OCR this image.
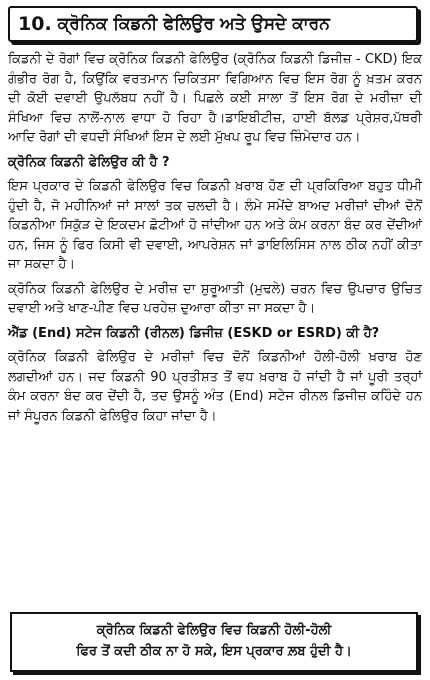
10. ਕ੍ਰੋਨਿਕ ਕਿਡਨੀ ਫੇਲਿਉਰ ਅਤੇ ਉਸਦੇ ਕਾਰਨ

ਕਿਡਨੀ ਦੇ ਰੋਗਾਂ ਵਿਚ ਕ੍ਰੋਨਿਕ ਕਿਡਨੀ ਫੇਲਿਉਰ (ਕ੍ਰੋਨਿਕ ਕਿਡਨੀ ਡਿਜੀਜ਼ - CKD) ਇਕ ਗੰਭੀਰ ਰੋਗ ਹੈ, ਕਿਉਂਕਿ ਵਰਤਮਾਨ ਚਿਕਿਤਸਾ ਵਿਗਿਆਨ ਵਿਚ ਇਸ ਰੋਗ ਨੂੰ ਖ਼ਤਮ ਕਰਨ ਦੀ ਕੋਈ ਦਵਾਈ ਉਪਲੱਬਧ ਨਹੀਂ ਹੈ। ਪਿਛਲੇ ਕਈ ਸਾਲਾ ਤੋਂ ਇਸ ਰੋਗ ਦੇ ਮਰੀਜ਼ਾ ਦੀ ਸੰਖਿਆ ਵਿਚ ਨਾਲੋਂ-ਨਾਲ ਵਾਧਾ ਹੋ ਰਿਹਾ ਹੈ।ਡਾਇਬੀਟੀਜ਼, ਹਾਈ ਬੱਲਡ ਪ੍ਰੇਸ਼ਰ,ਪੱਥਰੀ ਆਦਿ ਰੋਗਾਂ ਦੀ ਵਧਦੀ ਸੰਖਿਆਂ ਇਸ ਦੇ ਲਈ ਮੁੱਖਪ ਰੂਪ ਵਿਚ ਜ਼ਿੰਮੇਦਾਰ ਹਨ।

ਕ੍ਰੋਨਿਕ ਕਿਡਨੀ ਫੇਲਿਉਰ ਕੀ ਹੈ ?

ਇਸ ਪ੍ਰਕਾਰ ਦੇ ਕਿਡਨੀ ਫੇਲਿਉਰ ਵਿਚ ਕਿਡਨੀ ਖ਼ਰਾਬ ਹੋਣ ਦੀ ਪ੍ਰਕਿਰਿਆ ਬਹੁਤ ਧੀਮੀ ਹੁੰਦੀ ਹੈ, ਜੋ ਮਹੀਨਿਆਂ ਜਾਂ ਸਾਲਾਂ ਤਕ ਚਲਦੀ ਹੈ। ਲੰਮੇ ਸਮੇਂਦੇ ਬਾਅਦ ਮਰੀਜ਼ਾਂ ਦੀਆਂ ਦੋਨੋਂ ਕਿਡਨੀਆ ਸਿਕੁੱੜ ਦੇ ਇਕਦਮ ਛੋਟੀਆਂ ਹੋ ਜਾਂਦੀਆ ਹਨ ਅਤੇ ਕੰਮ ਕਰਨਾ ਬੰਦ ਕਰ ਦੇਂਦੀਆਂ ਹਨ, ਜਿਸ ਨੂੰ ਫਿਰ ਕਿਸੀ ਵੀ ਦਵਾਈ, ਆਪਰੇਸ਼ਨ ਜਾਂ ਡਾਇਲਿਸਿਸ ਨਾਲ ਠੀਕ ਨਹੀਂ ਕੀਤਾ ਜਾ ਸਕਦਾ ਹੈ।

ਕ੍ਰੋਨਿਕ ਕਿਡਨੀ ਫੇਲਿਉਰ ਦੇ ਮਰੀਜ਼ ਦਾ ਸ਼ੁਰੂਆਤੀ (ਮੁਢਲੇ) ਚਰਨ ਵਿਚ ਉਪਚਾਰ ਉਚਿਤ ਦਵਾਈ ਅਤੇ ਖਾਣ-ਪੀਣ ਵਿਚ ਪਰਹੇਜ਼ ਦੁਆਰਾ ਕੀਤਾ ਜਾ ਸਕਦਾ ਹੈ।

ਐੱਡ (End) ਸਟੇਜ ਕਿਡਨੀ (ਰੀਨਲ) ਡਿਜੀਜ਼ (ESKD or ESRD) ਕੀ ਹੈ?

ਕ੍ਰੋਨਿਕ ਕਿਡਨੀ ਫੇਲਿਉਰ ਦੇ ਮਰੀਜ਼ਾਂ ਵਿਚ ਦੋਨੋਂ ਕਿਡਨੀਆਂ ਹੋਲੀ-ਹੋਲੀ ਖ਼ਰਾਬ ਹੋਣ ਲਗਦੀਆਂ ਹਨ। ਜਦ ਕਿਡਨੀ 90 ਪ੍ਰਤੀਸ਼ਤ ਤੋਂ ਵਧ ਖ਼ਰਾਬ ਹੋ ਜਾਂਦੀ ਹੈ ਜਾਂ ਪੂਰੀ ਤਰ੍ਹਾਂ ਕੰਮ ਕਰਨਾ ਬੰਦ ਕਰ ਦੇਂਦੀ ਹੈ, ਤਦ ਉਸਨੂੰ ਅੰਤ (End) ਸਟੇਜ ਰੀਨਲ ਡਿਜੀਜ਼ ਕਹਿੰਦੇ ਹਨ ਜਾਂ ਸੰਪੂਰਨ ਕਿਡਨੀ ਫੇਲਿਉਰ ਕਿਹਾ ਜਾਂਦਾ ਹੈ।

ਕ੍ਰੋਨਿਕ ਕਿਡਨੀ ਫੇਲਿਉਰ ਵਿਚ ਕਿਡਨੀ ਹੋਲੀ-ਹੋਲੀ
ਫਿਰ ਤੋਂ ਕਦੀ ਠੀਕ ਨਾ ਹੋ ਸਕੇ, ਇਸ ਪ੍ਰਕਾਰ ਲ਼ਬ ਹੁੰਦੀ ਹੈ।
